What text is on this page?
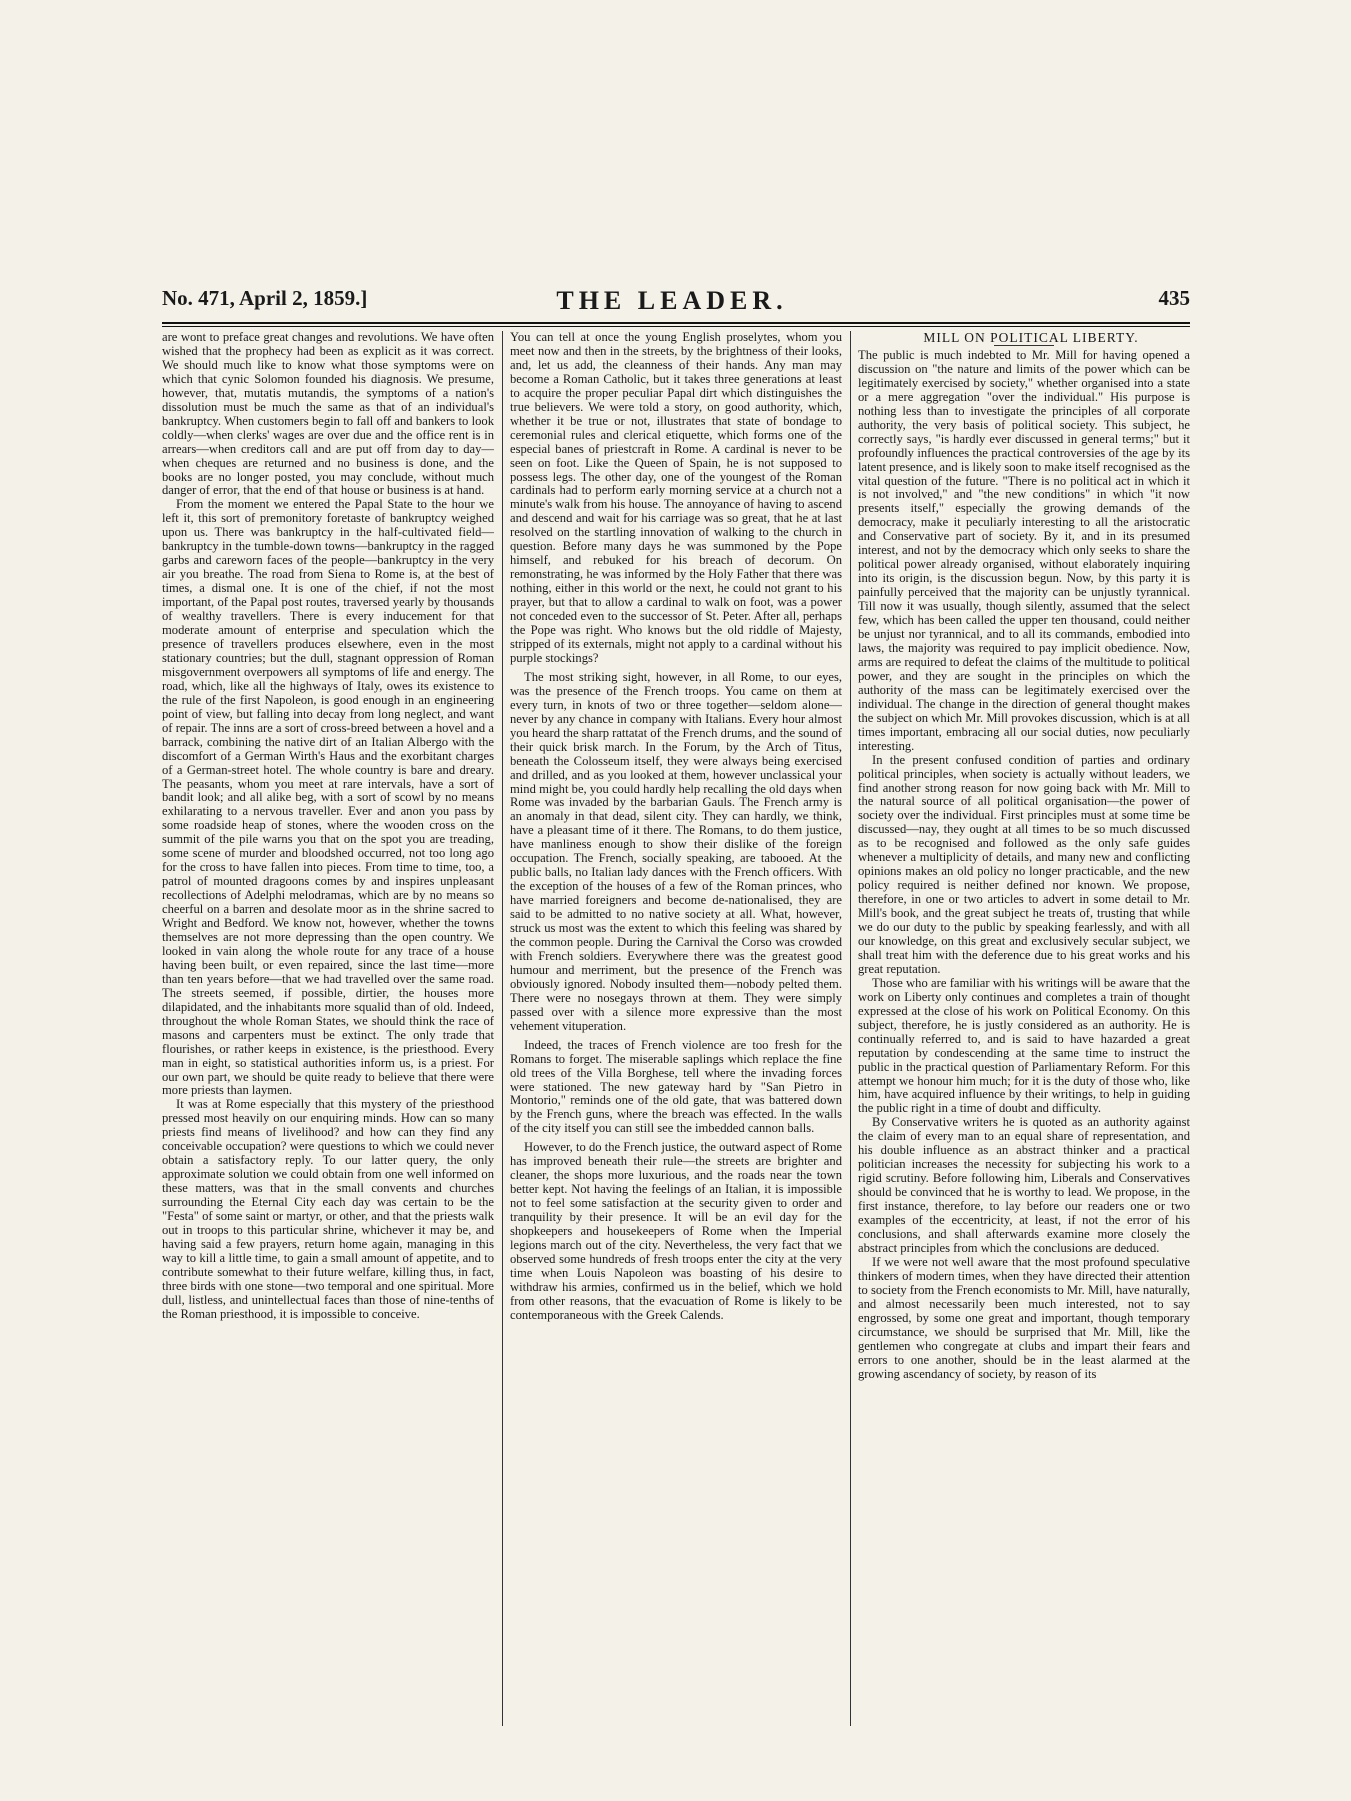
No. 471, April 2, 1859.]	THE LEADER.	435

are wont to preface great changes and revolutions. We have often wished that the prophecy had been as explicit as it was correct. We should much like to know what those symptoms were on which that cynic Solomon founded his diagnosis. We presume, however, that, mutatis mutandis, the symptoms of a nation's dissolution must be much the same as that of an individual's bankruptcy. When customers begin to fall off and bankers to look coldly—when clerks' wages are over due and the office rent is in arrears—when creditors call and are put off from day to day—when cheques are returned and no business is done, and the books are no longer posted, you may conclude, without much danger of error, that the end of that house or business is at hand.

From the moment we entered the Papal State to the hour we left it, this sort of premonitory foretaste of bankruptcy weighed upon us. There was bankruptcy in the half-cultivated field—bankruptcy in the tumble-down towns—bankruptcy in the ragged garbs and careworn faces of the people—bankruptcy in the very air you breathe. The road from Siena to Rome is, at the best of times, a dismal one. It is one of the chief, if not the most important, of the Papal post routes, traversed yearly by thousands of wealthy travellers. There is every inducement for that moderate amount of enterprise and speculation which the presence of travellers produces elsewhere, even in the most stationary countries; but the dull, stagnant oppression of Roman misgovernment overpowers all symptoms of life and energy. The road, which, like all the highways of Italy, owes its existence to the rule of the first Napoleon, is good enough in an engineering point of view, but falling into decay from long neglect, and want of repair. The inns are a sort of cross-breed between a hovel and a barrack, combining the native dirt of an Italian Albergo with the discomfort of a German Wirth's Haus and the exorbitant charges of a German-street hotel. The whole country is bare and dreary. The peasants, whom you meet at rare intervals, have a sort of bandit look; and all alike beg, with a sort of scowl by no means exhilarating to a nervous traveller. Ever and anon you pass by some roadside heap of stones, where the wooden cross on the summit of the pile warns you that on the spot you are treading, some scene of murder and bloodshed occurred, not too long ago for the cross to have fallen into pieces. From time to time, too, a patrol of mounted dragoons comes by and inspires unpleasant recollections of Adelphi melodramas, which are by no means so cheerful on a barren and desolate moor as in the shrine sacred to Wright and Bedford. We know not, however, whether the towns themselves are not more depressing than the open country. We looked in vain along the whole route for any trace of a house having been built, or even repaired, since the last time—more than ten years before—that we had travelled over the same road. The streets seemed, if possible, dirtier, the houses more dilapidated, and the inhabitants more squalid than of old. Indeed, throughout the whole Roman States, we should think the race of masons and carpenters must be extinct. The only trade that flourishes, or rather keeps in existence, is the priesthood. Every man in eight, so statistical authorities inform us, is a priest. For our own part, we should be quite ready to believe that there were more priests than laymen.

It was at Rome especially that this mystery of the priesthood pressed most heavily on our enquiring minds. How can so many priests find means of livelihood? and how can they find any conceivable occupation? were questions to which we could never obtain a satisfactory reply. To our latter query, the only approximate solution we could obtain from one well informed on these matters, was that in the small convents and churches surrounding the Eternal City each day was certain to be the "Festa" of some saint or martyr, or other, and that the priests walk out in troops to this particular shrine, whichever it may be, and having said a few prayers, return home again, managing in this way to kill a little time, to gain a small amount of appetite, and to contribute somewhat to their future welfare, killing thus, in fact, three birds with one stone—two temporal and one spiritual. More dull, listless, and unintellectual faces than those of nine-tenths of the Roman priesthood, it is impossible to conceive.

You can tell at once the young English proselytes, whom you meet now and then in the streets, by the brightness of their looks, and, let us add, the cleanness of their hands. Any man may become a Roman Catholic, but it takes three generations at least to acquire the proper peculiar Papal dirt which distinguishes the true believers. We were told a story, on good authority, which, whether it be true or not, illustrates that state of bondage to ceremonial rules and clerical etiquette, which forms one of the especial banes of priestcraft in Rome. A cardinal is never to be seen on foot. Like the Queen of Spain, he is not supposed to possess legs. The other day, one of the youngest of the Roman cardinals had to perform early morning service at a church not a minute's walk from his house. The annoyance of having to ascend and descend and wait for his carriage was so great, that he at last resolved on the startling innovation of walking to the church in question. Before many days he was summoned by the Pope himself, and rebuked for his breach of decorum. On remonstrating, he was informed by the Holy Father that there was nothing, either in this world or the next, he could not grant to his prayer, but that to allow a cardinal to walk on foot, was a power not conceded even to the successor of St. Peter. After all, perhaps the Pope was right. Who knows but the old riddle of Majesty, stripped of its externals, might not apply to a cardinal without his purple stockings?

The most striking sight, however, in all Rome, to our eyes, was the presence of the French troops. You came on them at every turn, in knots of two or three together—seldom alone—never by any chance in company with Italians. Every hour almost you heard the sharp rattatat of the French drums, and the sound of their quick brisk march. In the Forum, by the Arch of Titus, beneath the Colosseum itself, they were always being exercised and drilled, and as you looked at them, however unclassical your mind might be, you could hardly help recalling the old days when Rome was invaded by the barbarian Gauls. The French army is an anomaly in that dead, silent city. They can hardly, we think, have a pleasant time of it there. The Romans, to do them justice, have manliness enough to show their dislike of the foreign occupation. The French, socially speaking, are tabooed. At the public balls, no Italian lady dances with the French officers. With the exception of the houses of a few of the Roman princes, who have married foreigners and become de-nationalised, they are said to be admitted to no native society at all. What, however, struck us most was the extent to which this feeling was shared by the common people. During the Carnival the Corso was crowded with French soldiers. Everywhere there was the greatest good humour and merriment, but the presence of the French was obviously ignored. Nobody insulted them—nobody pelted them. There were no nosegays thrown at them. They were simply passed over with a silence more expressive than the most vehement vituperation.

Indeed, the traces of French violence are too fresh for the Romans to forget. The miserable saplings which replace the fine old trees of the Villa Borghese, tell where the invading forces were stationed. The new gateway hard by "San Pietro in Montorio," reminds one of the old gate, that was battered down by the French guns, where the breach was effected. In the walls of the city itself you can still see the imbedded cannon balls.

However, to do the French justice, the outward aspect of Rome has improved beneath their rule—the streets are brighter and cleaner, the shops more luxurious, and the roads near the town better kept. Not having the feelings of an Italian, it is impossible not to feel some satisfaction at the security given to order and tranquility by their presence. It will be an evil day for the shopkeepers and housekeepers of Rome when the Imperial legions march out of the city. Nevertheless, the very fact that we observed some hundreds of fresh troops enter the city at the very time when Louis Napoleon was boasting of his desire to withdraw his armies, confirmed us in the belief, which we hold from other reasons, that the evacuation of Rome is likely to be contemporaneous with the Greek Calends.

MILL ON POLITICAL LIBERTY.

The public is much indebted to Mr. Mill for having opened a discussion on "the nature and limits of the power which can be legitimately exercised by society," whether organised into a state or a mere aggregation "over the individual." His purpose is nothing less than to investigate the principles of all corporate authority, the very basis of political society. This subject, he correctly says, "is hardly ever discussed in general terms;" but it profoundly influences the practical controversies of the age by its latent presence, and is likely soon to make itself recognised as the vital question of the future. "There is no political act in which it is not involved," and "the new conditions" in which "it now presents itself," especially the growing demands of the democracy, make it peculiarly interesting to all the aristocratic and Conservative part of society. By it, and in its presumed interest, and not by the democracy which only seeks to share the political power already organised, without elaborately inquiring into its origin, is the discussion begun. Now, by this party it is painfully perceived that the majority can be unjustly tyrannical. Till now it was usually, though silently, assumed that the select few, which has been called the upper ten thousand, could neither be unjust nor tyrannical, and to all its commands, embodied into laws, the majority was required to pay implicit obedience. Now, arms are required to defeat the claims of the multitude to political power, and they are sought in the principles on which the authority of the mass can be legitimately exercised over the individual. The change in the direction of general thought makes the subject on which Mr. Mill provokes discussion, which is at all times important, embracing all our social duties, now peculiarly interesting.

In the present confused condition of parties and ordinary political principles, when society is actually without leaders, we find another strong reason for now going back with Mr. Mill to the natural source of all political organisation—the power of society over the individual. First principles must at some time be discussed—nay, they ought at all times to be so much discussed as to be recognised and followed as the only safe guides whenever a multiplicity of details, and many new and conflicting opinions makes an old policy no longer practicable, and the new policy required is neither defined nor known. We propose, therefore, in one or two articles to advert in some detail to Mr. Mill's book, and the great subject he treats of, trusting that while we do our duty to the public by speaking fearlessly, and with all our knowledge, on this great and exclusively secular subject, we shall treat him with the deference due to his great works and his great reputation.

Those who are familiar with his writings will be aware that the work on Liberty only continues and completes a train of thought expressed at the close of his work on Political Economy. On this subject, therefore, he is justly considered as an authority. He is continually referred to, and is said to have hazarded a great reputation by condescending at the same time to instruct the public in the practical question of Parliamentary Reform. For this attempt we honour him much; for it is the duty of those who, like him, have acquired influence by their writings, to help in guiding the public right in a time of doubt and difficulty.

By Conservative writers he is quoted as an authority against the claim of every man to an equal share of representation, and his double influence as an abstract thinker and a practical politician increases the necessity for subjecting his work to a rigid scrutiny. Before following him, Liberals and Conservatives should be convinced that he is worthy to lead. We propose, in the first instance, therefore, to lay before our readers one or two examples of the eccentricity, at least, if not the error of his conclusions, and shall afterwards examine more closely the abstract principles from which the conclusions are deduced.

If we were not well aware that the most profound speculative thinkers of modern times, when they have directed their attention to society from the French economists to Mr. Mill, have naturally, and almost necessarily been much interested, not to say engrossed, by some one great and important, though temporary circumstance, we should be surprised that Mr. Mill, like the gentlemen who congregate at clubs and impart their fears and errors to one another, should be in the least alarmed at the growing ascendancy of society, by reason of its
